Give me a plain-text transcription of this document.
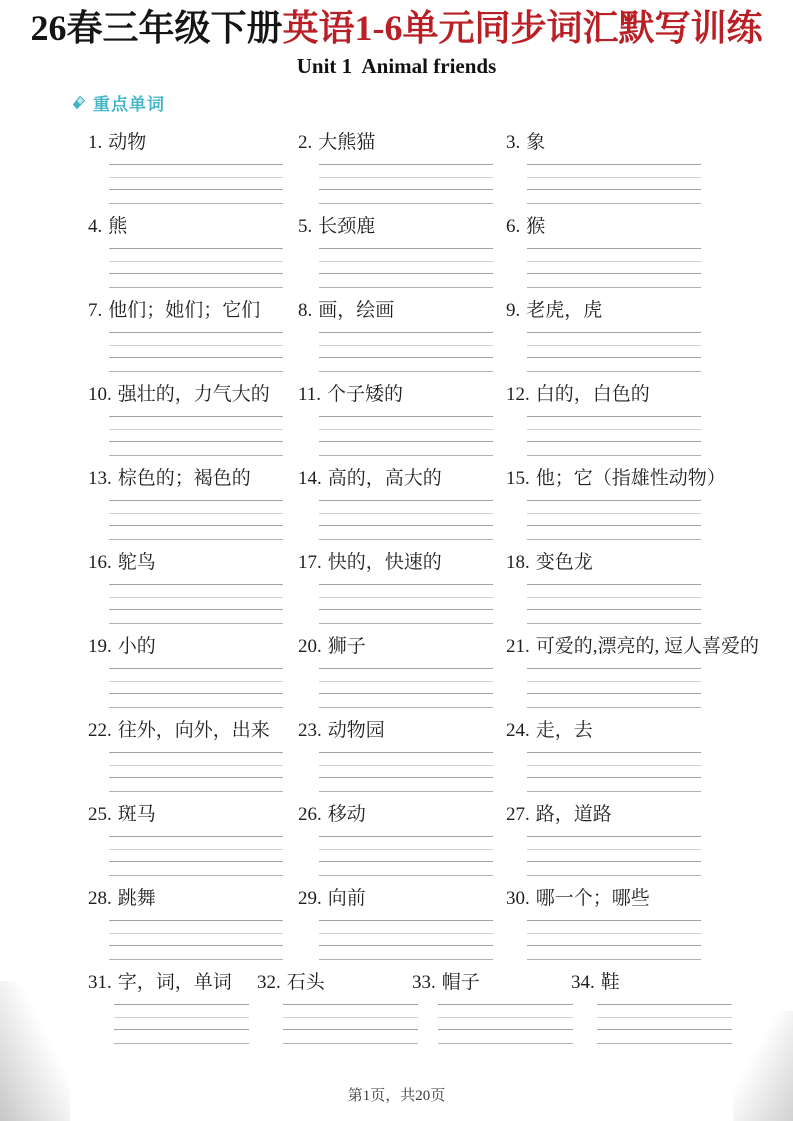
26春三年级下册英语1-6单元同步词汇默写训练
Unit 1  Animal friends
重点单词
1. 动物	2. 大熊猫	3. 象
4. 熊	5. 长颈鹿	6. 猴
7. 他们；她们；它们	8. 画，绘画	9. 老虎，虎
10. 强壮的，力气大的	11. 个子矮的	12. 白的，白色的
13. 棕色的；褐色的	14. 高的，高大的	15. 他；它（指雄性动物）
16. 鸵鸟	17. 快的，快速的	18. 变色龙
19. 小的	20. 狮子	21. 可爱的,漂亮的, 逗人喜爱的
22. 往外，向外，出来	23. 动物园	24. 走，去
25. 斑马	26. 移动	27. 路，道路
28. 跳舞	29. 向前	30. 哪一个；哪些
31. 字，词，单词	32. 石头	33. 帽子	34. 鞋
第1页，共20页
